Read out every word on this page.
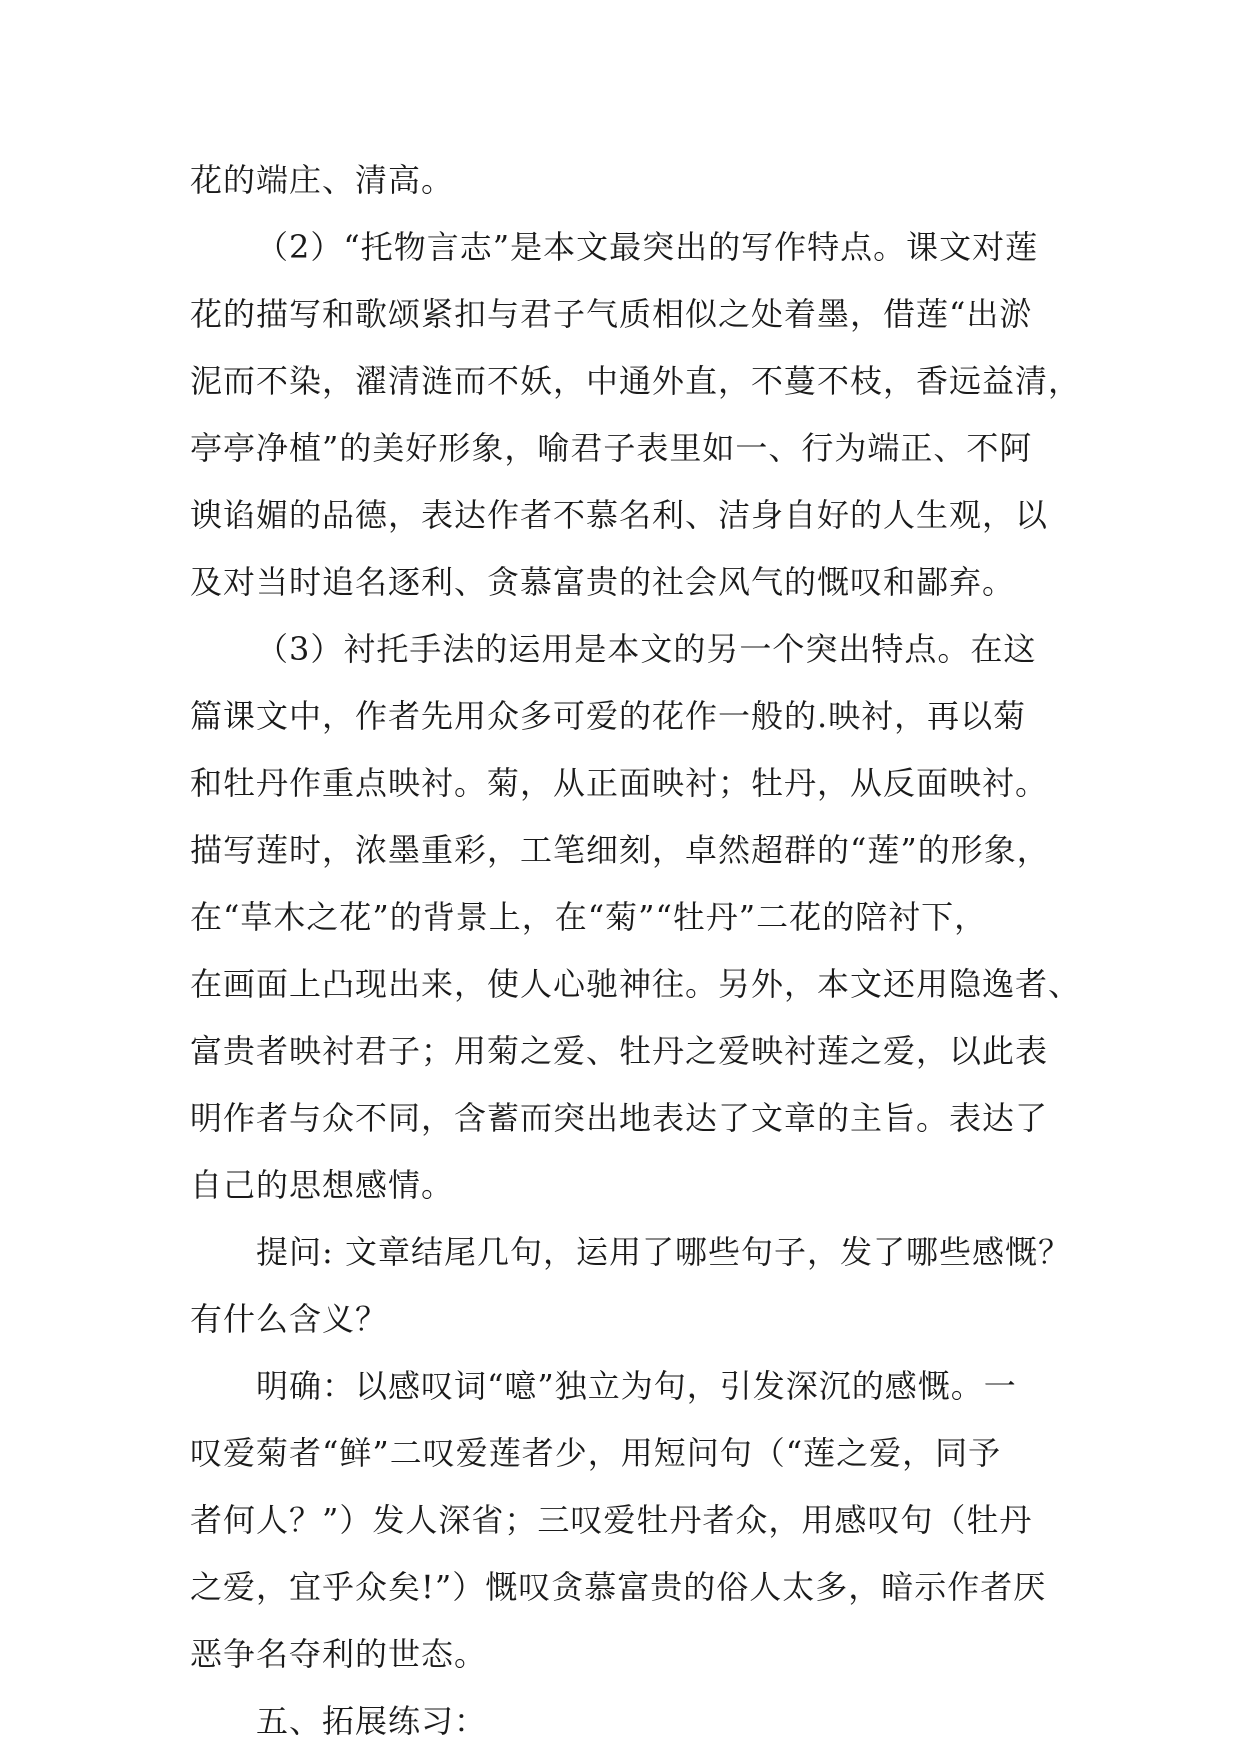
花的端庄、清高。
（2）“托物言志”是本文最突出的写作特点。课文对莲
花的描写和歌颂紧扣与君子气质相似之处着墨，借莲“出淤
泥而不染，濯清涟而不妖，中通外直，不蔓不枝，香远益清，
亭亭净植”的美好形象，喻君子表里如一、行为端正、不阿
谀谄媚的品德，表达作者不慕名利、洁身自好的人生观，以
及对当时追名逐利、贪慕富贵的社会风气的慨叹和鄙弃。
（3）衬托手法的运用是本文的另一个突出特点。在这
篇课文中，作者先用众多可爱的花作一般的.映衬，再以菊
和牡丹作重点映衬。菊，从正面映衬；牡丹，从反面映衬。
描写莲时，浓墨重彩，工笔细刻，卓然超群的“莲”的形象，
在“草木之花”的背景上，在“菊”“牡丹”二花的陪衬下，
在画面上凸现出来，使人心驰神往。另外，本文还用隐逸者、
富贵者映衬君子；用菊之爱、牡丹之爱映衬莲之爱，以此表
明作者与众不同，含蓄而突出地表达了文章的主旨。表达了
自己的思想感情。
提问: 文章结尾几句，运用了哪些句子，发了哪些感慨？
有什么含义？
明确：以感叹词“噫”独立为句，引发深沉的感慨。一
叹爱菊者“鲜”二叹爱莲者少，用短问句（“莲之爱，同予
者何人？”）发人深省；三叹爱牡丹者众，用感叹句（牡丹
之爱，宜乎众矣!”）慨叹贪慕富贵的俗人太多，暗示作者厌
恶争名夺利的世态。
五、拓展练习：
